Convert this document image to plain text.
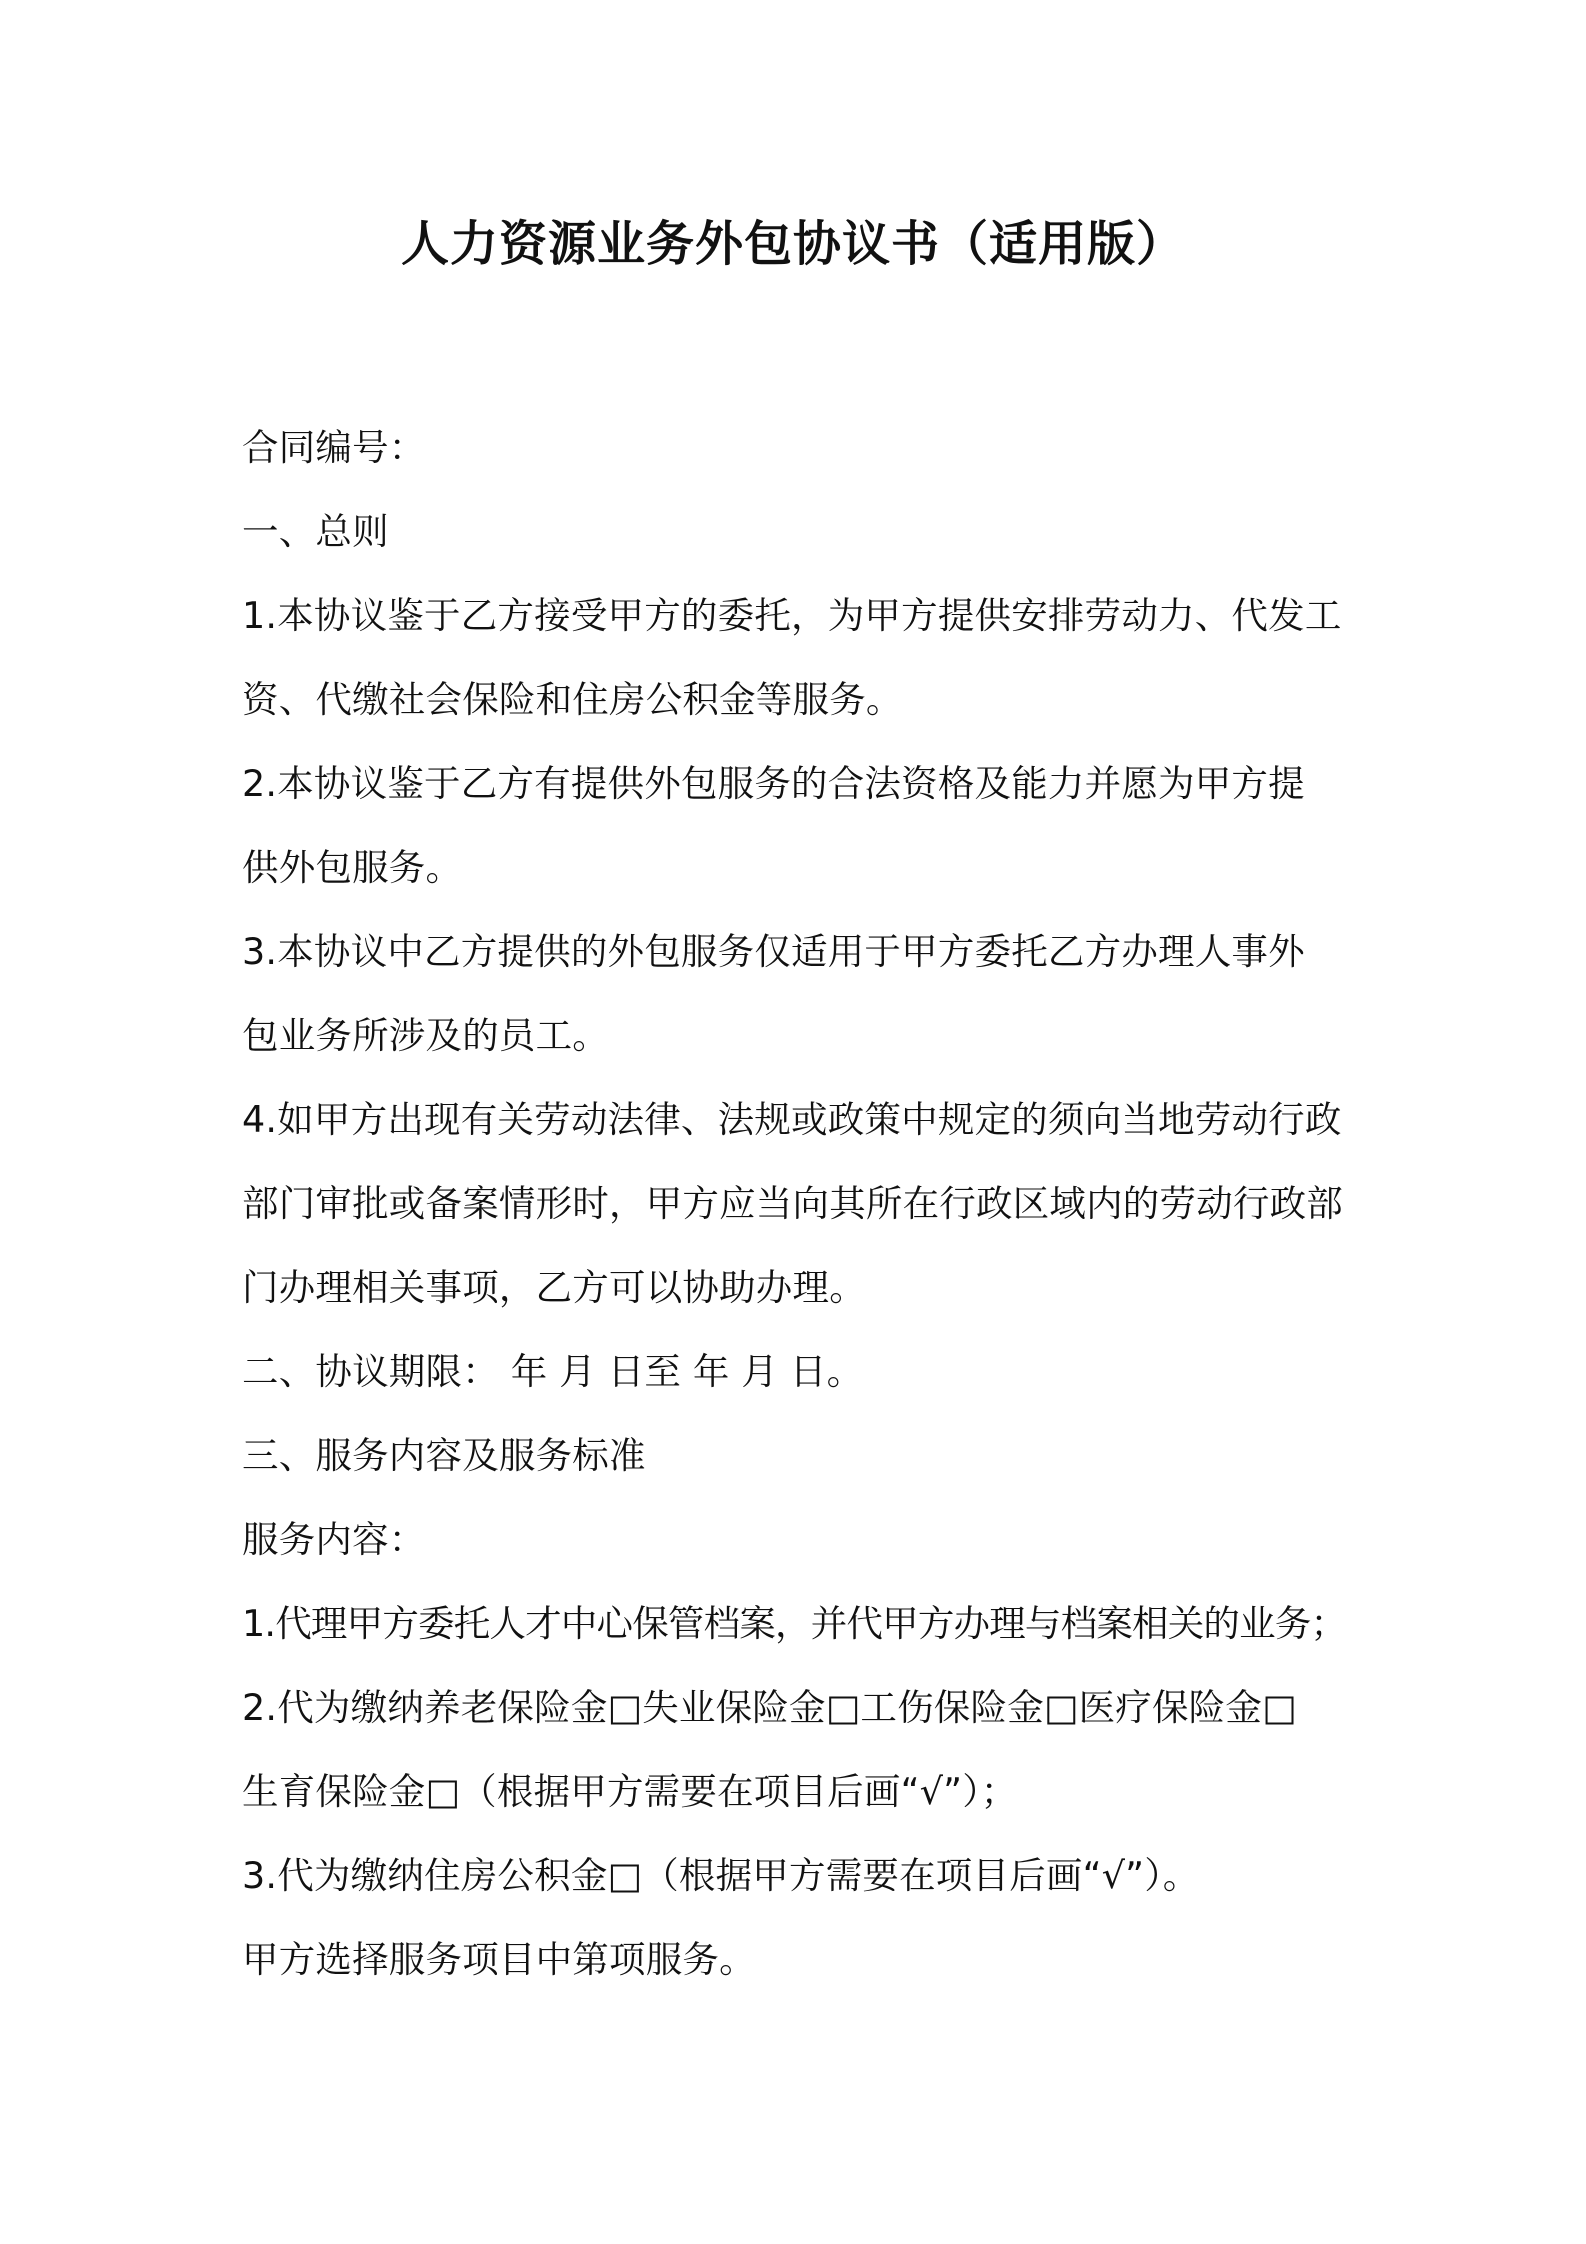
人力资源业务外包协议书（适用版）
合同编号：
一、总则
1.本协议鉴于乙方接受甲方的委托，为甲方提供安排劳动力、代发工
资、代缴社会保险和住房公积金等服务。
2.本协议鉴于乙方有提供外包服务的合法资格及能力并愿为甲方提
供外包服务。
3.本协议中乙方提供的外包服务仅适用于甲方委托乙方办理人事外
包业务所涉及的员工。
4.如甲方出现有关劳动法律、法规或政策中规定的须向当地劳动行政
部门审批或备案情形时，甲方应当向其所在行政区域内的劳动行政部
门办理相关事项，乙方可以协助办理。
二、协议期限： 年 月 日至 年 月 日。
三、服务内容及服务标准
服务内容：
1.代理甲方委托人才中心保管档案，并代甲方办理与档案相关的业务；
2.代为缴纳养老保险金□失业保险金□工伤保险金□医疗保险金□
生育保险金□（根据甲方需要在项目后画“√”）；
3.代为缴纳住房公积金□（根据甲方需要在项目后画“√”）。
甲方选择服务项目中第项服务。
